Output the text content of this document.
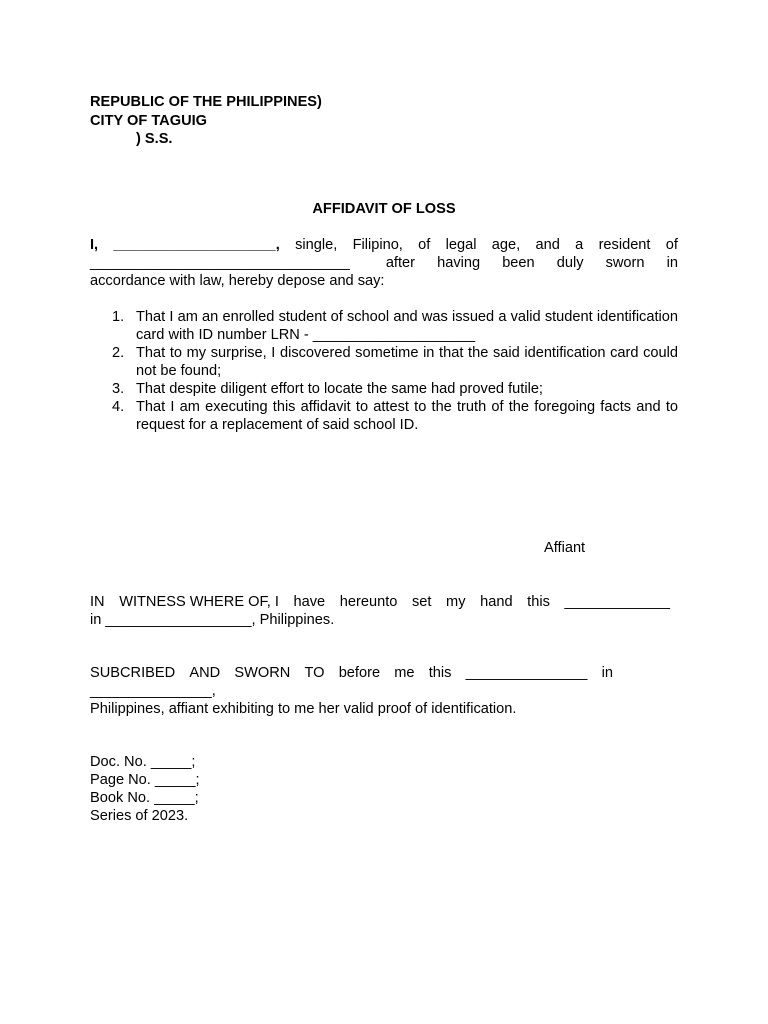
REPUBLIC OF THE PHILIPPINES)
CITY OF TAGUIG
) S.S.
AFFIDAVIT OF LOSS
I, ____________________, single, Filipino, of legal age, and a resident of
________________________________ after having been duly sworn in
accordance with law, hereby depose and say:
1. That I am an enrolled student of school and was issued a valid student identification card with ID number LRN - ____________________
2. That to my surprise, I discovered sometime in that the said identification card could not be found;
3. That despite diligent effort to locate the same had proved futile;
4. That I am executing this affidavit to attest to the truth of the foregoing facts and to request for a replacement of said school ID.
Affiant
IN WITNESS WHERE OF, I have hereunto set my hand this _____________
in __________________, Philippines.
SUBCRIBED AND SWORN TO before me this _______________ in
_______________,
Philippines, affiant exhibiting to me her valid proof of identification.
Doc. No. _____;
Page No. _____;
Book No. _____;
Series of 2023.
